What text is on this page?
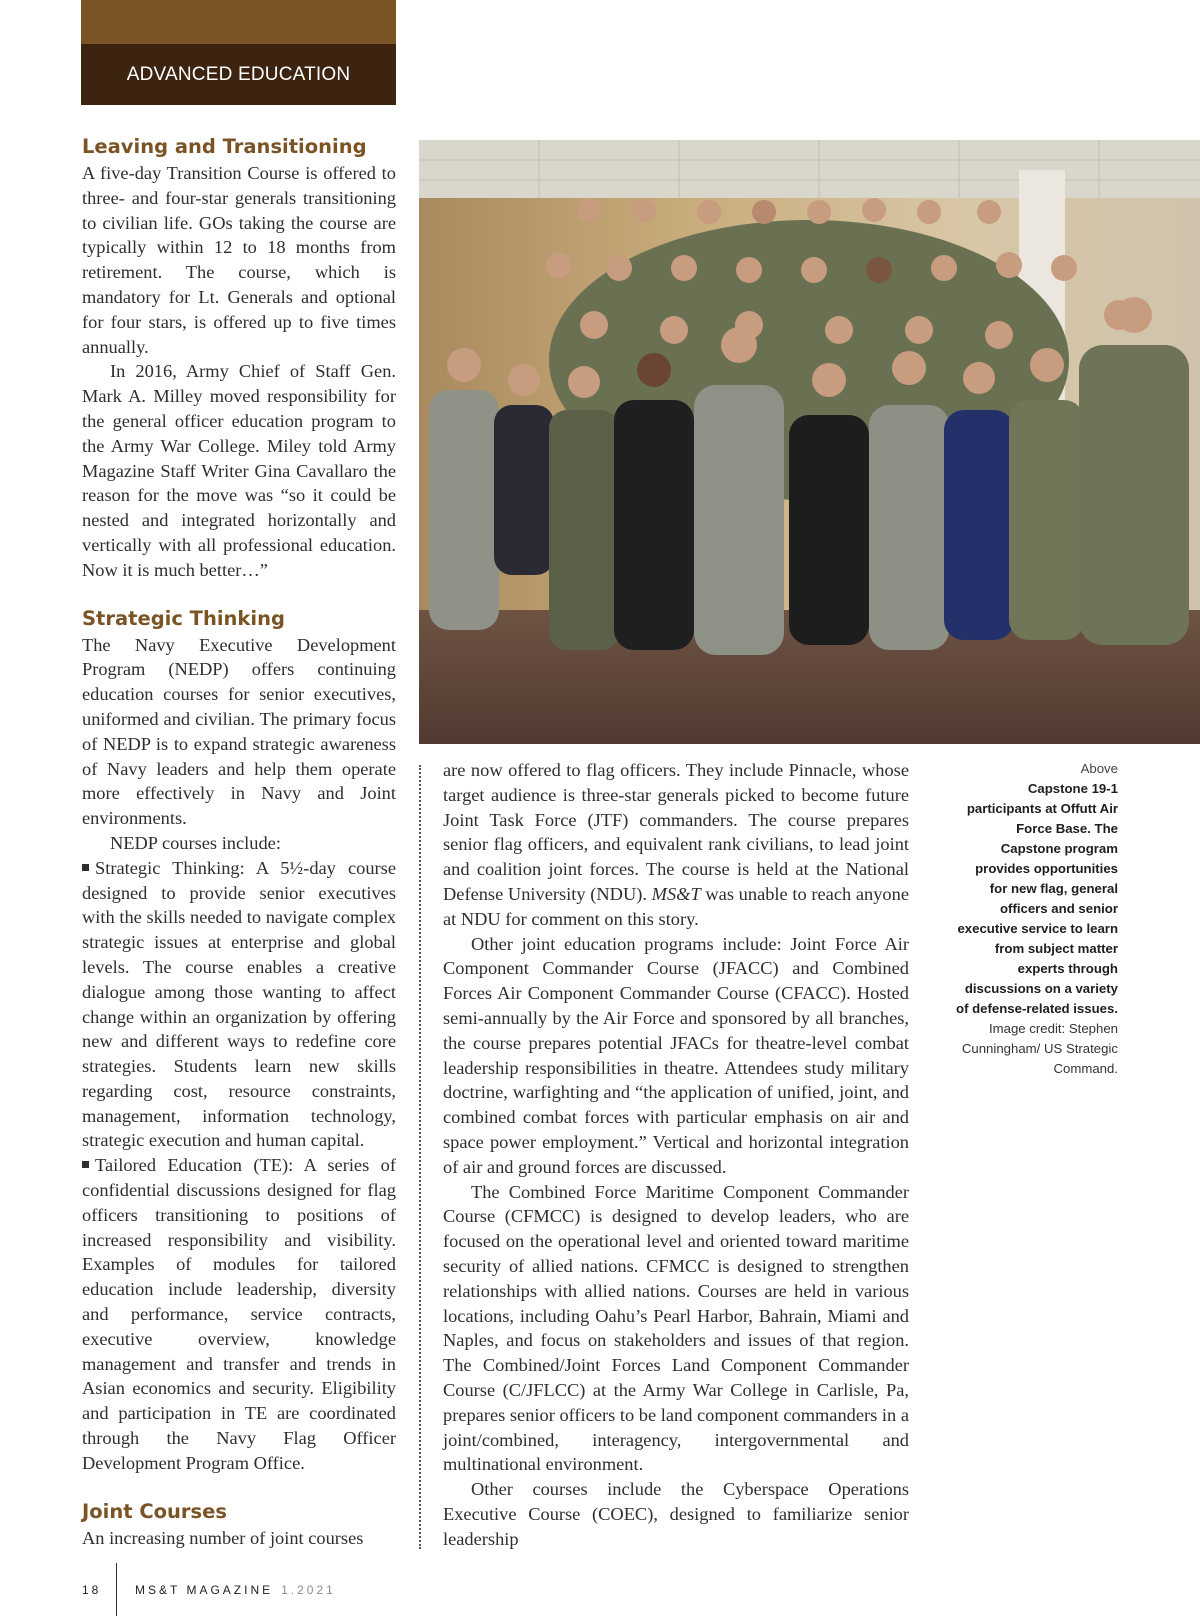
ADVANCED EDUCATION
Leaving and Transitioning

A five-day Transition Course is offered to three- and four-star generals transitioning to civilian life. GOs taking the course are typically within 12 to 18 months from retirement. The course, which is mandatory for Lt. Generals and optional for four stars, is offered up to five times annually.

In 2016, Army Chief of Staff Gen. Mark A. Milley moved responsibility for the general officer education program to the Army War College. Miley told Army Magazine Staff Writer Gina Cavallaro the reason for the move was “so it could be nested and integrated horizontally and vertically with all professional education. Now it is much better…”

Strategic Thinking

The Navy Executive Development Program (NEDP) offers continuing education courses for senior executives, uniformed and civilian. The primary focus of NEDP is to expand strategic awareness of Navy leaders and help them operate more effectively in Navy and Joint environments.

NEDP courses include:

Strategic Thinking: A 5½-day course designed to provide senior executives with the skills needed to navigate complex strategic issues at enterprise and global levels. The course enables a creative dialogue among those wanting to affect change within an organization by offering new and different ways to redefine core strategies. Students learn new skills regarding cost, resource constraints, management, information technology, strategic execution and human capital.

Tailored Education (TE): A series of confidential discussions designed for flag officers transitioning to positions of increased responsibility and visibility. Examples of modules for tailored education include leadership, diversity and performance, service contracts, executive overview, knowledge management and transfer and trends in Asian economics and security. Eligibility and participation in TE are coordinated through the Navy Flag Officer Development Program Office.

Joint Courses

An increasing number of joint courses

are now offered to flag officers. They include Pinnacle, whose target audience is three-star generals picked to become future Joint Task Force (JTF) commanders. The course prepares senior flag officers, and equivalent rank civilians, to lead joint and coalition joint forces. The course is held at the National Defense University (NDU). MS&T was unable to reach anyone at NDU for comment on this story.

Other joint education programs include: Joint Force Air Component Commander Course (JFACC) and Combined Forces Air Component Commander Course (CFACC). Hosted semi-annually by the Air Force and sponsored by all branches, the course prepares potential JFACs for theatre-level combat leadership responsibilities in theatre. Attendees study military doctrine, warfighting and “the application of unified, joint, and combined combat forces with particular emphasis on air and space power employment.” Vertical and horizontal integration of air and ground forces are discussed.

The Combined Force Maritime Component Commander Course (CFMCC) is designed to develop leaders, who are focused on the operational level and oriented toward maritime security of allied nations. CFMCC is designed to strengthen relationships with allied nations. Courses are held in various locations, including Oahu’s Pearl Harbor, Bahrain, Miami and Naples, and focus on stakeholders and issues of that region. The Combined/Joint Forces Land Component Commander Course (C/JFLCC) at the Army War College in Carlisle, Pa, prepares senior officers to be land component commanders in a joint/combined, interagency, intergovernmental and multinational environment.

Other courses include the Cyberspace Operations Executive Course (COEC), designed to familiarize senior leadership

Above
Capstone 19-1 participants at Offutt Air Force Base. The Capstone program provides opportunities for new flag, general officers and senior executive service to learn from subject matter experts through discussions on a variety of defense-related issues.
Image credit: Stephen Cunningham/ US Strategic Command.
18	MS&T MAGAZINE 1.2021
